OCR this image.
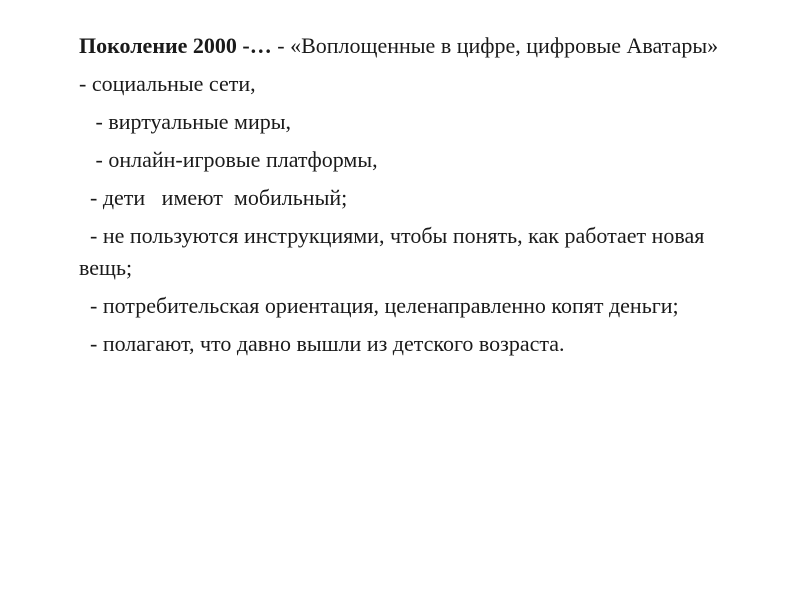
Поколение 2000 -… - «Воплощенные в цифре, цифровые Аватары»

- социальные сети,

- виртуальные миры,

- онлайн-игровые платформы,

- дети   имеют  мобильный;

- не пользуются инструкциями, чтобы понять, как работает новая вещь;

- потребительская ориентация, целенаправленно копят деньги;

- полагают, что давно вышли из детского возраста.
